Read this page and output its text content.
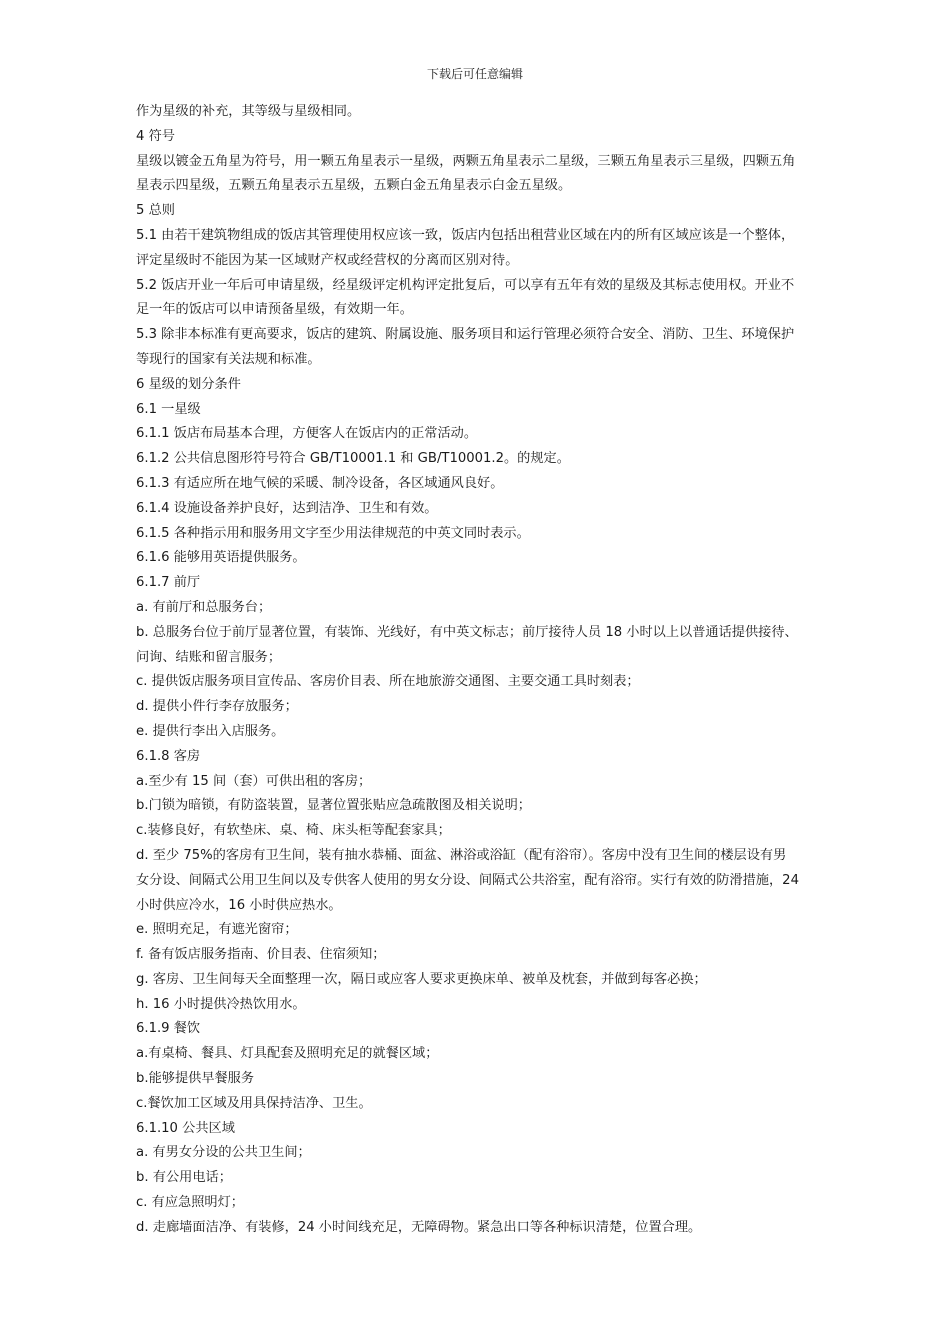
下载后可任意编辑

作为星级的补充，其等级与星级相同。

4 符号

星级以镀金五角星为符号，用一颗五角星表示一星级，两颗五角星表示二星级，三颗五角星表示三星级，四颗五角

星表示四星级，五颗五角星表示五星级，五颗白金五角星表示白金五星级。

5 总则

5.1 由若干建筑物组成的饭店其管理使用权应该一致，饭店内包括出租营业区域在内的所有区域应该是一个整体，

评定星级时不能因为某一区域财产权或经营权的分离而区别对待。

5.2 饭店开业一年后可申请星级，经星级评定机构评定批复后，可以享有五年有效的星级及其标志使用权。开业不

足一年的饭店可以申请预备星级，有效期一年。

5.3 除非本标准有更高要求，饭店的建筑、附属设施、服务项目和运行管理必须符合安全、消防、卫生、环境保护

等现行的国家有关法规和标准。

6 星级的划分条件

6.1 一星级

6.1.1 饭店布局基本合理，方便客人在饭店内的正常活动。

6.1.2 公共信息图形符号符合 GB/T10001.1 和 GB/T10001.2。的规定。

6.1.3 有适应所在地气候的采暖、制冷设备，各区域通风良好。

6.1.4 设施设备养护良好，达到洁净、卫生和有效。

6.1.5 各种指示用和服务用文字至少用法律规范的中英文同时表示。

6.1.6 能够用英语提供服务。

6.1.7 前厅

a. 有前厅和总服务台；

b. 总服务台位于前厅显著位置，有装饰、光线好，有中英文标志；前厅接待人员 18 小时以上以普通话提供接待、

问询、结账和留言服务；

c. 提供饭店服务项目宣传品、客房价目表、所在地旅游交通图、主要交通工具时刻表；

d. 提供小件行李存放服务；

e. 提供行李出入店服务。

6.1.8 客房

a.至少有 15 间（套）可供出租的客房；

b.门锁为暗锁，有防盗装置，显著位置张贴应急疏散图及相关说明；

c.装修良好，有软垫床、桌、椅、床头柜等配套家具；

d. 至少 75%的客房有卫生间，装有抽水恭桶、面盆、淋浴或浴缸（配有浴帘）。客房中没有卫生间的楼层设有男

女分设、间隔式公用卫生间以及专供客人使用的男女分设、间隔式公共浴室，配有浴帘。实行有效的防滑措施，24

小时供应冷水，16 小时供应热水。

e. 照明充足，有遮光窗帘；

f. 备有饭店服务指南、价目表、住宿须知；

g. 客房、卫生间每天全面整理一次，隔日或应客人要求更换床单、被单及枕套，并做到每客必换；

h. 16 小时提供冷热饮用水。

6.1.9 餐饮

a.有桌椅、餐具、灯具配套及照明充足的就餐区域；

b.能够提供早餐服务

c.餐饮加工区域及用具保持洁净、卫生。

6.1.10 公共区域

a. 有男女分设的公共卫生间；

b. 有公用电话；

c. 有应急照明灯；

d. 走廊墙面洁净、有装修，24 小时间线充足，无障碍物。紧急出口等各种标识清楚，位置合理。
